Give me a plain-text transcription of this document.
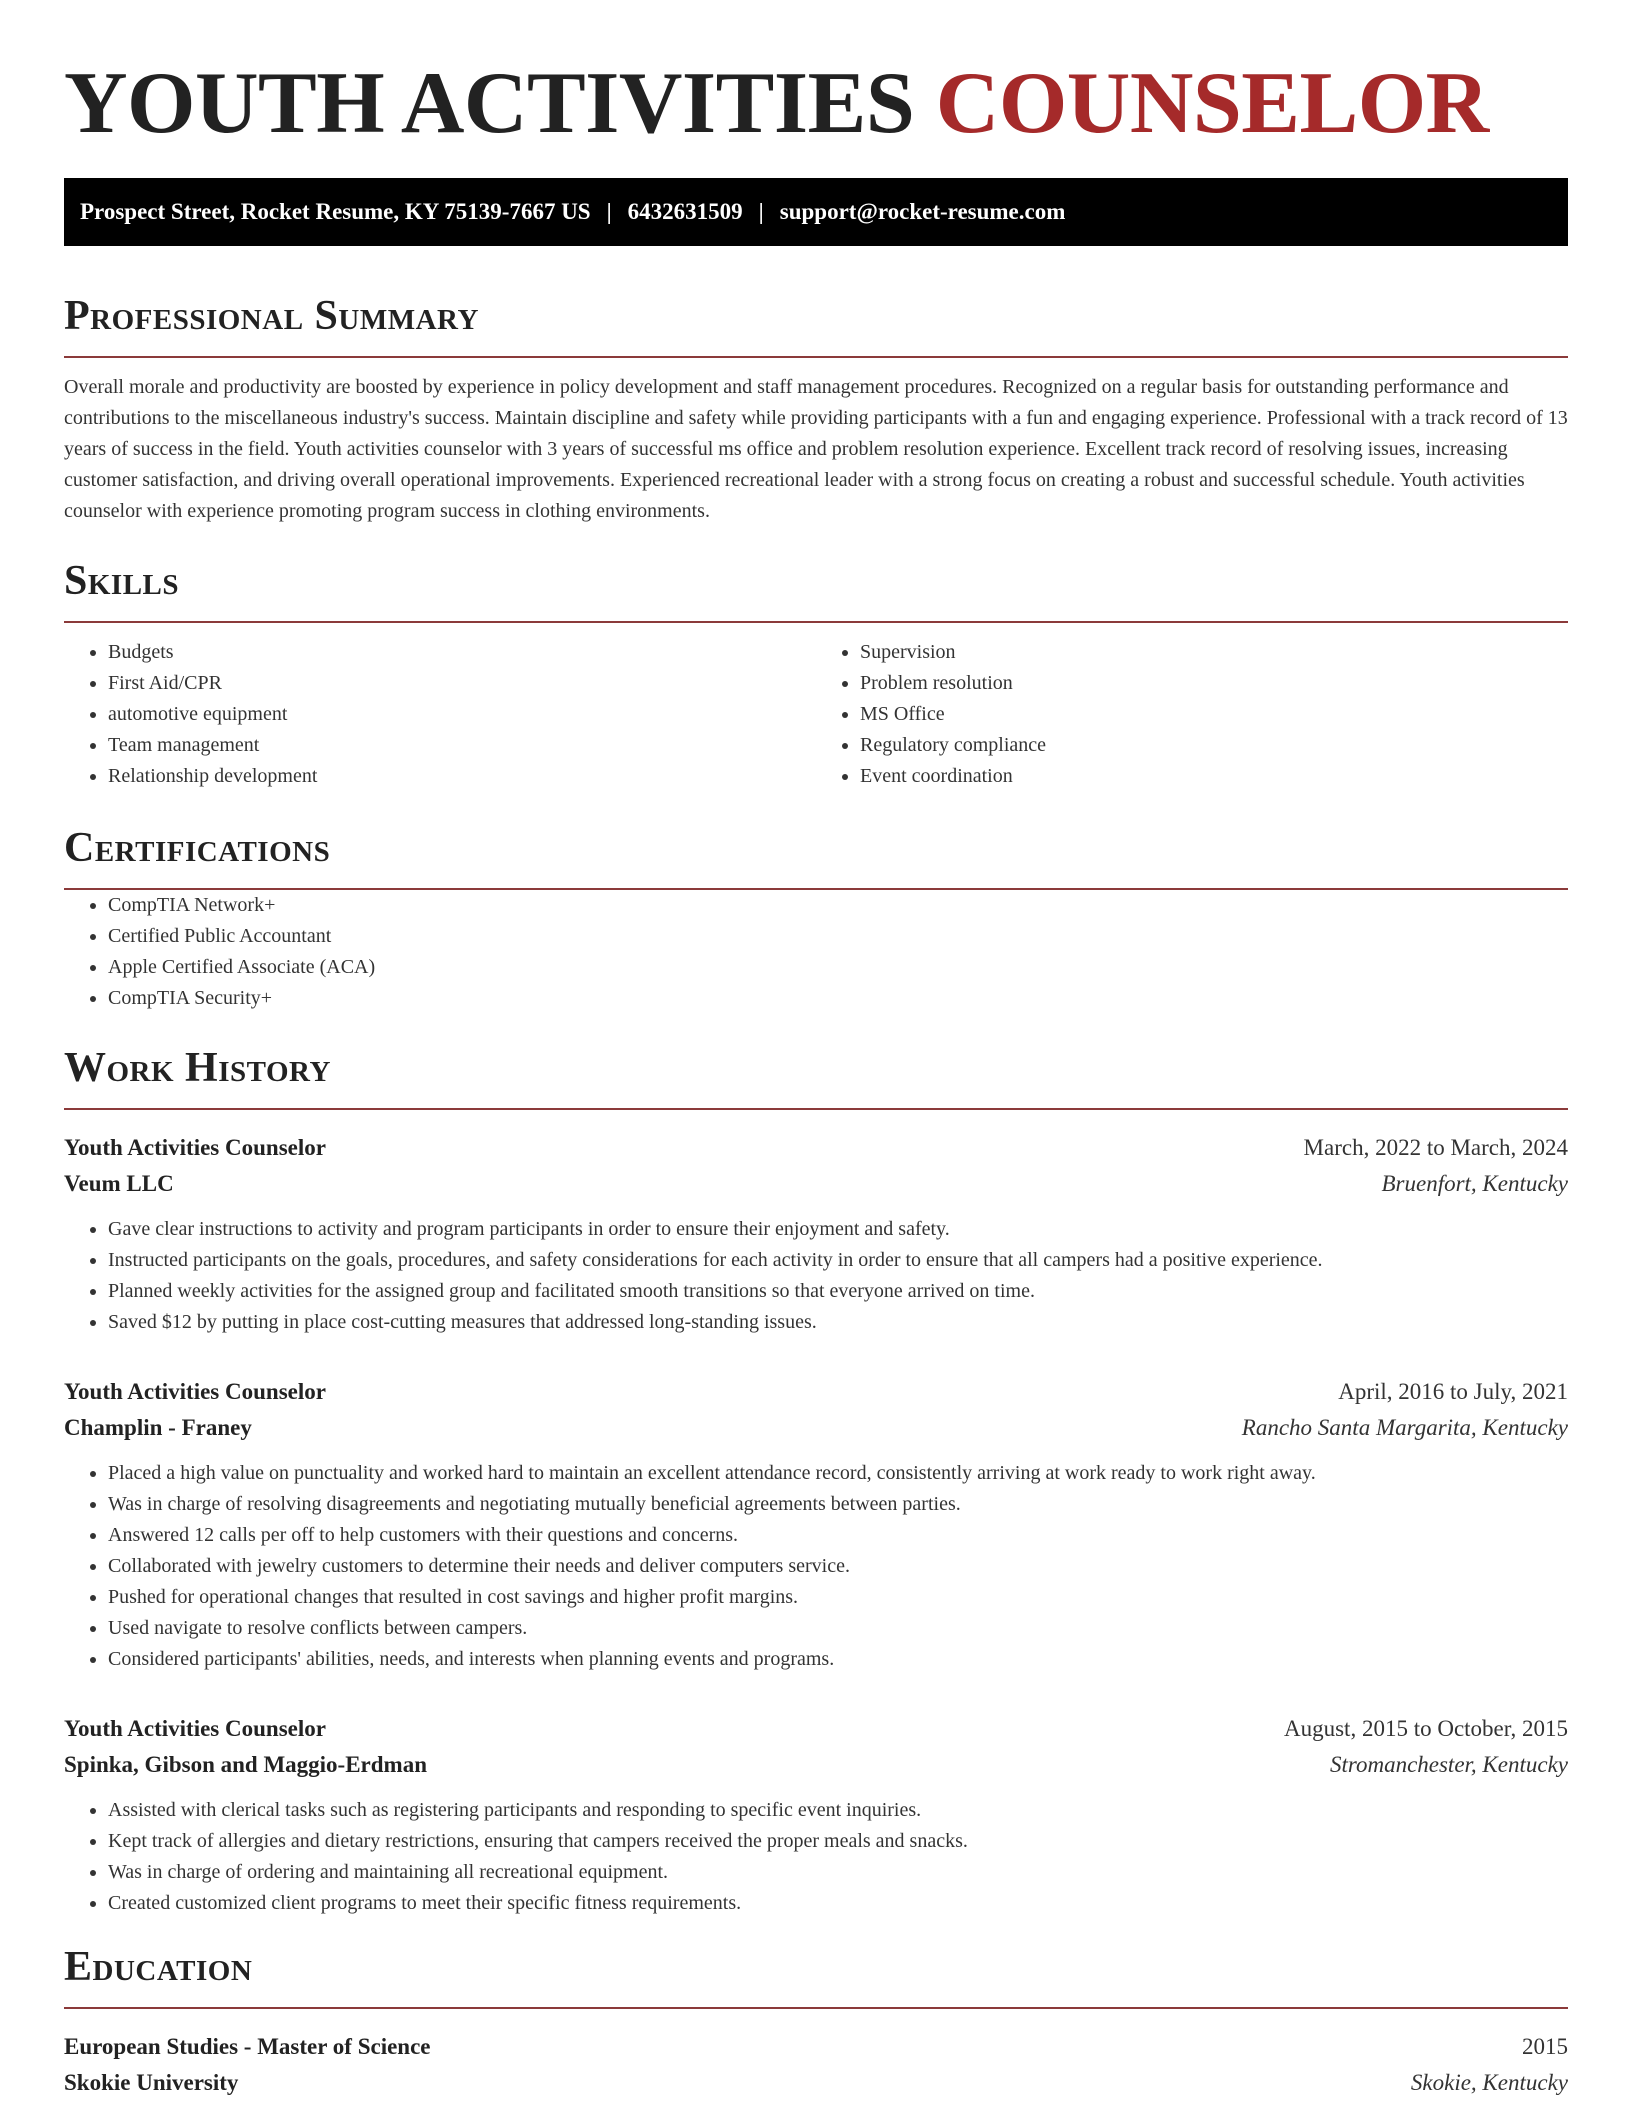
YOUTH ACTIVITIES COUNSELOR
Prospect Street, Rocket Resume, KY 75139-7667 US | 6432631509 | support@rocket-resume.com
Professional Summary

Overall morale and productivity are boosted by experience in policy development and staff management procedures. Recognized on a regular basis for outstanding performance and contributions to the miscellaneous industry's success. Maintain discipline and safety while providing participants with a fun and engaging experience. Professional with a track record of 13 years of success in the field. Youth activities counselor with 3 years of successful ms office and problem resolution experience. Excellent track record of resolving issues, increasing customer satisfaction, and driving overall operational improvements. Experienced recreational leader with a strong focus on creating a robust and successful schedule. Youth activities counselor with experience promoting program success in clothing environments.

Skills
• Budgets
• First Aid/CPR
• automotive equipment
• Team management
• Relationship development
• Supervision
• Problem resolution
• MS Office
• Regulatory compliance
• Event coordination
Certifications
• CompTIA Network+
• Certified Public Accountant
• Apple Certified Associate (ACA)
• CompTIA Security+
Work History
Youth Activities Counselor	March, 2022 to March, 2024
Veum LLC	Bruenfort, Kentucky
• Gave clear instructions to activity and program participants in order to ensure their enjoyment and safety.
• Instructed participants on the goals, procedures, and safety considerations for each activity in order to ensure that all campers had a positive experience.
• Planned weekly activities for the assigned group and facilitated smooth transitions so that everyone arrived on time.
• Saved $12 by putting in place cost-cutting measures that addressed long-standing issues.
Youth Activities Counselor	April, 2016 to July, 2021
Champlin - Franey	Rancho Santa Margarita, Kentucky
• Placed a high value on punctuality and worked hard to maintain an excellent attendance record, consistently arriving at work ready to work right away.
• Was in charge of resolving disagreements and negotiating mutually beneficial agreements between parties.
• Answered 12 calls per off to help customers with their questions and concerns.
• Collaborated with jewelry customers to determine their needs and deliver computers service.
• Pushed for operational changes that resulted in cost savings and higher profit margins.
• Used navigate to resolve conflicts between campers.
• Considered participants' abilities, needs, and interests when planning events and programs.
Youth Activities Counselor	August, 2015 to October, 2015
Spinka, Gibson and Maggio-Erdman	Stromanchester, Kentucky
• Assisted with clerical tasks such as registering participants and responding to specific event inquiries.
• Kept track of allergies and dietary restrictions, ensuring that campers received the proper meals and snacks.
• Was in charge of ordering and maintaining all recreational equipment.
• Created customized client programs to meet their specific fitness requirements.
Education
European Studies - Master of Science	2015
Skokie University	Skokie, Kentucky
